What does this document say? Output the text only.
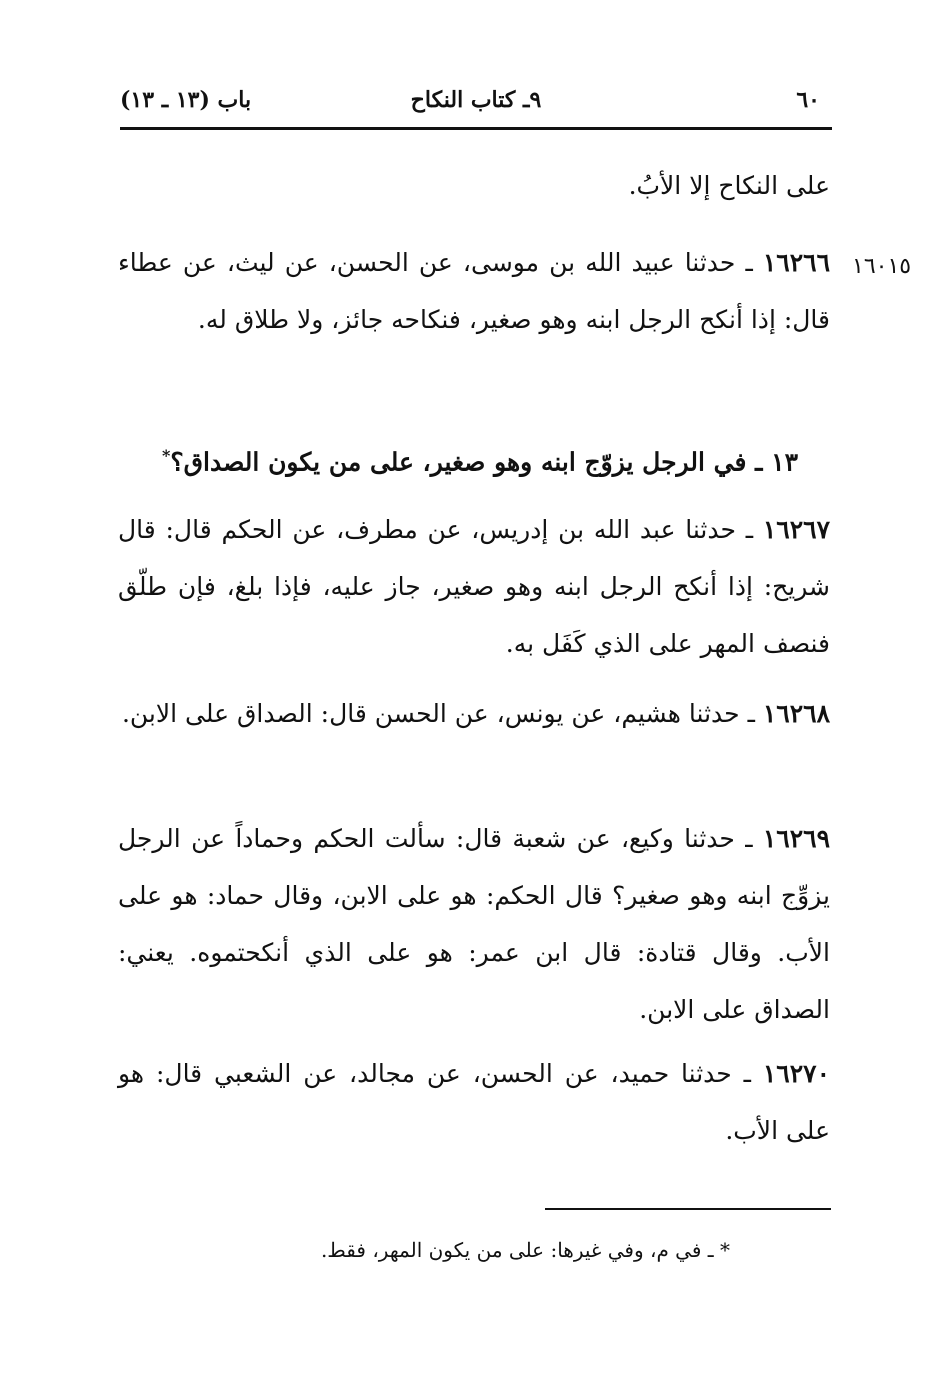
٦٠
٩ـ كتاب النكاح
باب (١٣ ـ ١٣)
على النكاح إلا الأبُ.
١٦٠١٥
١٦٢٦٦ ـ حدثنا عبيد الله بن موسى، عن الحسن، عن ليث، عن عطاء قال: إذا أنكح الرجل ابنه وهو صغير، فنكاحه جائز، ولا طلاق له.
١٣ ـ في الرجل يزوّج ابنه وهو صغير، على من يكون الصداق؟*
١٦٢٦٧ ـ حدثنا عبد الله بن إدريس، عن مطرف، عن الحكم قال: قال شريح: إذا أنكح الرجل ابنه وهو صغير، جاز عليه، فإذا بلغ، فإن طلّق فنصف المهر على الذي كَفَل به.
١٦٢٦٨ ـ حدثنا هشيم، عن يونس، عن الحسن قال: الصداق على الابن.
١٦٢٦٩ ـ حدثنا وكيع، عن شعبة قال: سألت الحكم وحماداً عن الرجل يزوِّج ابنه وهو صغير؟ قال الحكم: هو على الابن، وقال حماد: هو على الأب. وقال قتادة: قال ابن عمر: هو على الذي أنكحتموه. يعني: الصداق على الابن.
١٦٢٧٠ ـ حدثنا حميد، عن الحسن، عن مجالد، عن الشعبي قال: هو على الأب.
* ـ في م، وفي غيرها: على من يكون المهر، فقط.
